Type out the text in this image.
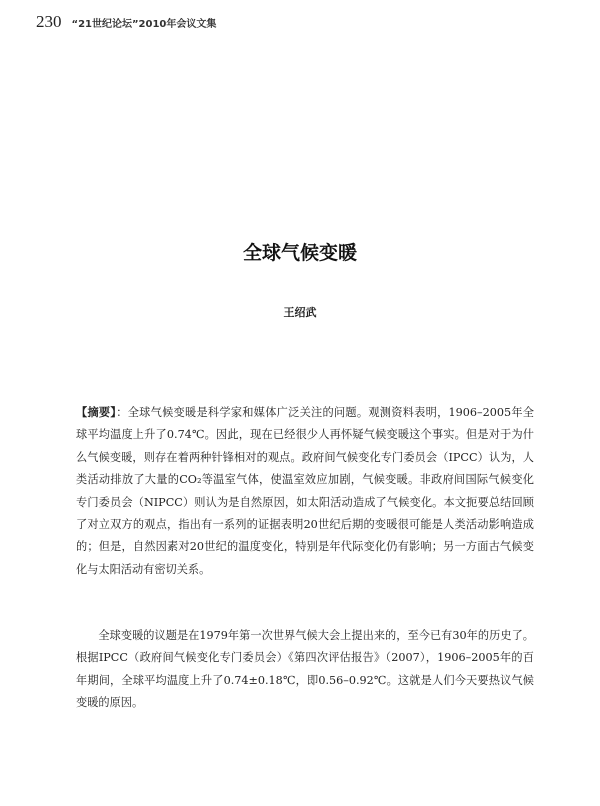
230 “21世纪论坛”2010年会议文集
全球气候变暖
王绍武

【摘要】：全球气候变暖是科学家和媒体广泛关注的问题。观测资料表明，1906–2005年全球平均温度上升了0.74℃。因此，现在已经很少人再怀疑气候变暖这个事实。但是对于为什么气候变暖，则存在着两种针锋相对的观点。政府间气候变化专门委员会（IPCC）认为，人类活动排放了大量的CO₂等温室气体，使温室效应加剧，气候变暖。非政府间国际气候变化专门委员会（NIPCC）则认为是自然原因，如太阳活动造成了气候变化。本文扼要总结回顾了对立双方的观点，指出有一系列的证据表明20世纪后期的变暖很可能是人类活动影响造成的；但是，自然因素对20世纪的温度变化，特别是年代际变化仍有影响；另一方面古气候变化与太阳活动有密切关系。

全球变暖的议题是在1979年第一次世界气候大会上提出来的，至今已有30年的历史了。根据IPCC（政府间气候变化专门委员会）《第四次评估报告》（2007），1906–2005年的百年期间，全球平均温度上升了0.74±0.18℃，即0.56–0.92℃。这就是人们今天要热议气候变暖的原因。
